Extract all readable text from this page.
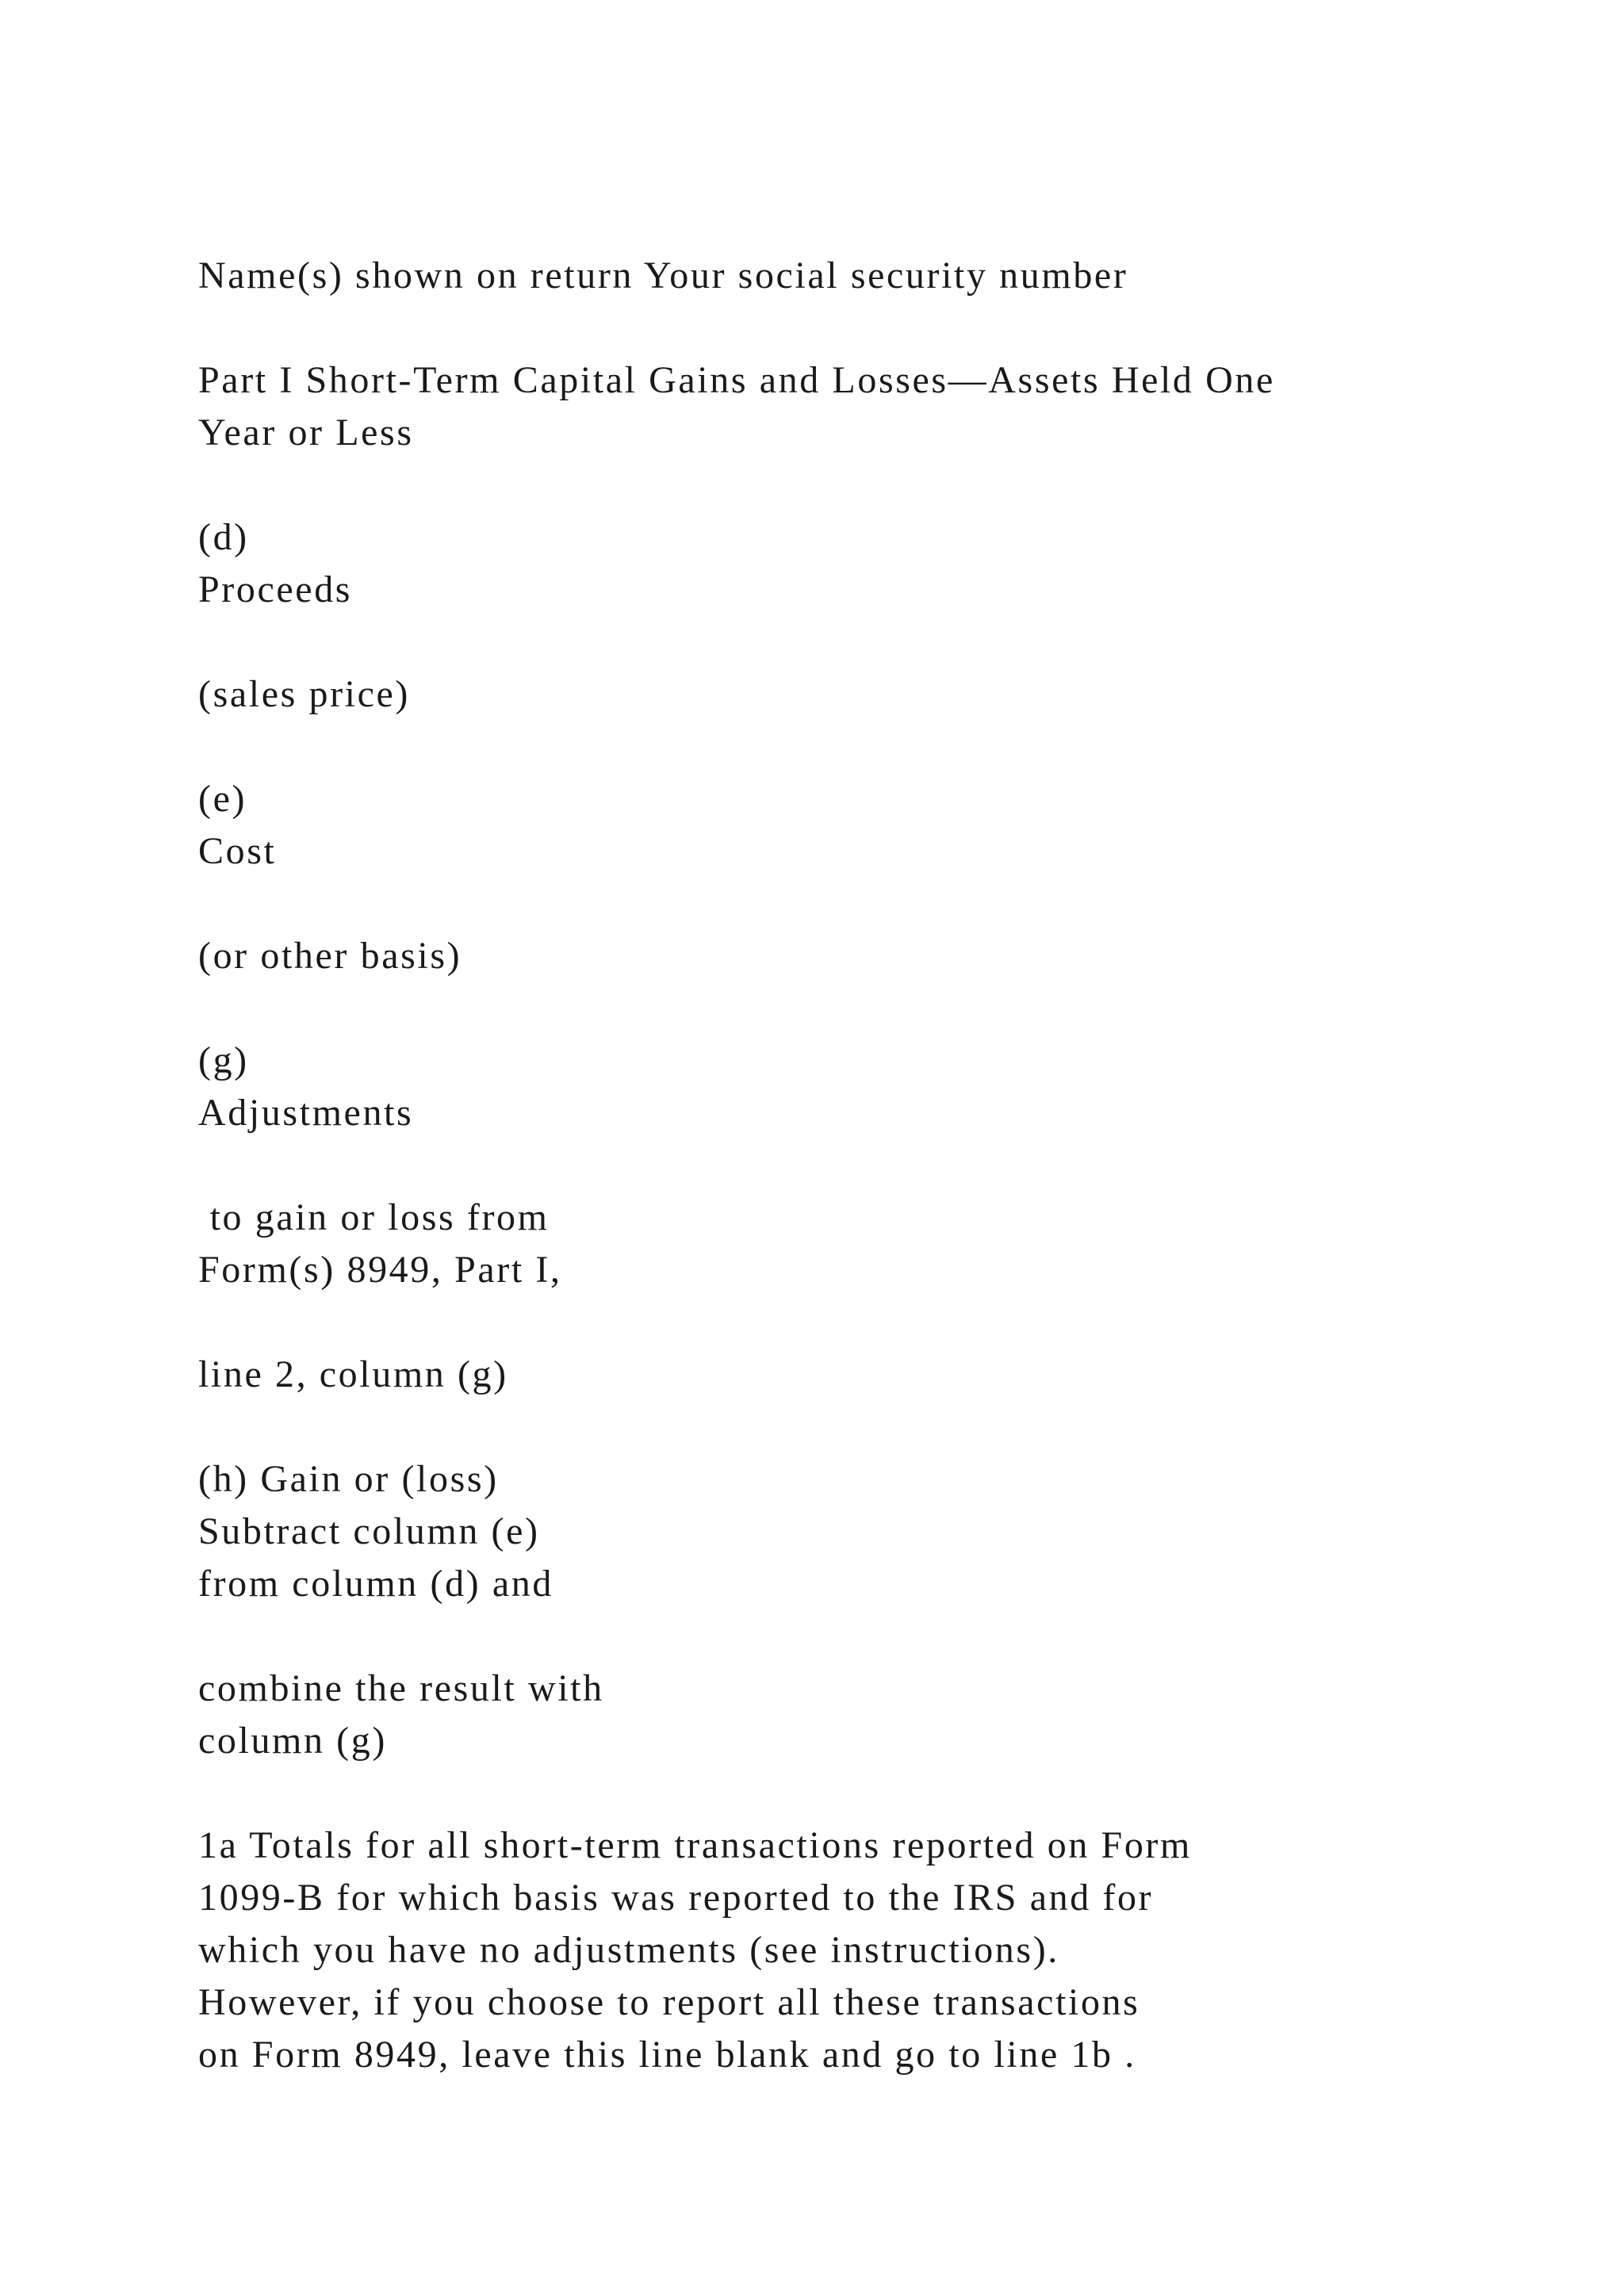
Name(s) shown on return Your social security number

Part I Short-Term Capital Gains and Losses—Assets Held One

Year or Less

(d)

Proceeds

(sales price)

(e)

Cost

(or other basis)

(g)

Adjustments

to gain or loss from

Form(s) 8949, Part I,

line 2, column (g)

(h) Gain or (loss)

Subtract column (e)

from column (d) and

combine the result with

column (g)

1a Totals for all short-term transactions reported on Form

1099-B for which basis was reported to the IRS and for

which you have no adjustments (see instructions).

However, if you choose to report all these transactions

on Form 8949, leave this line blank and go to line 1b .
